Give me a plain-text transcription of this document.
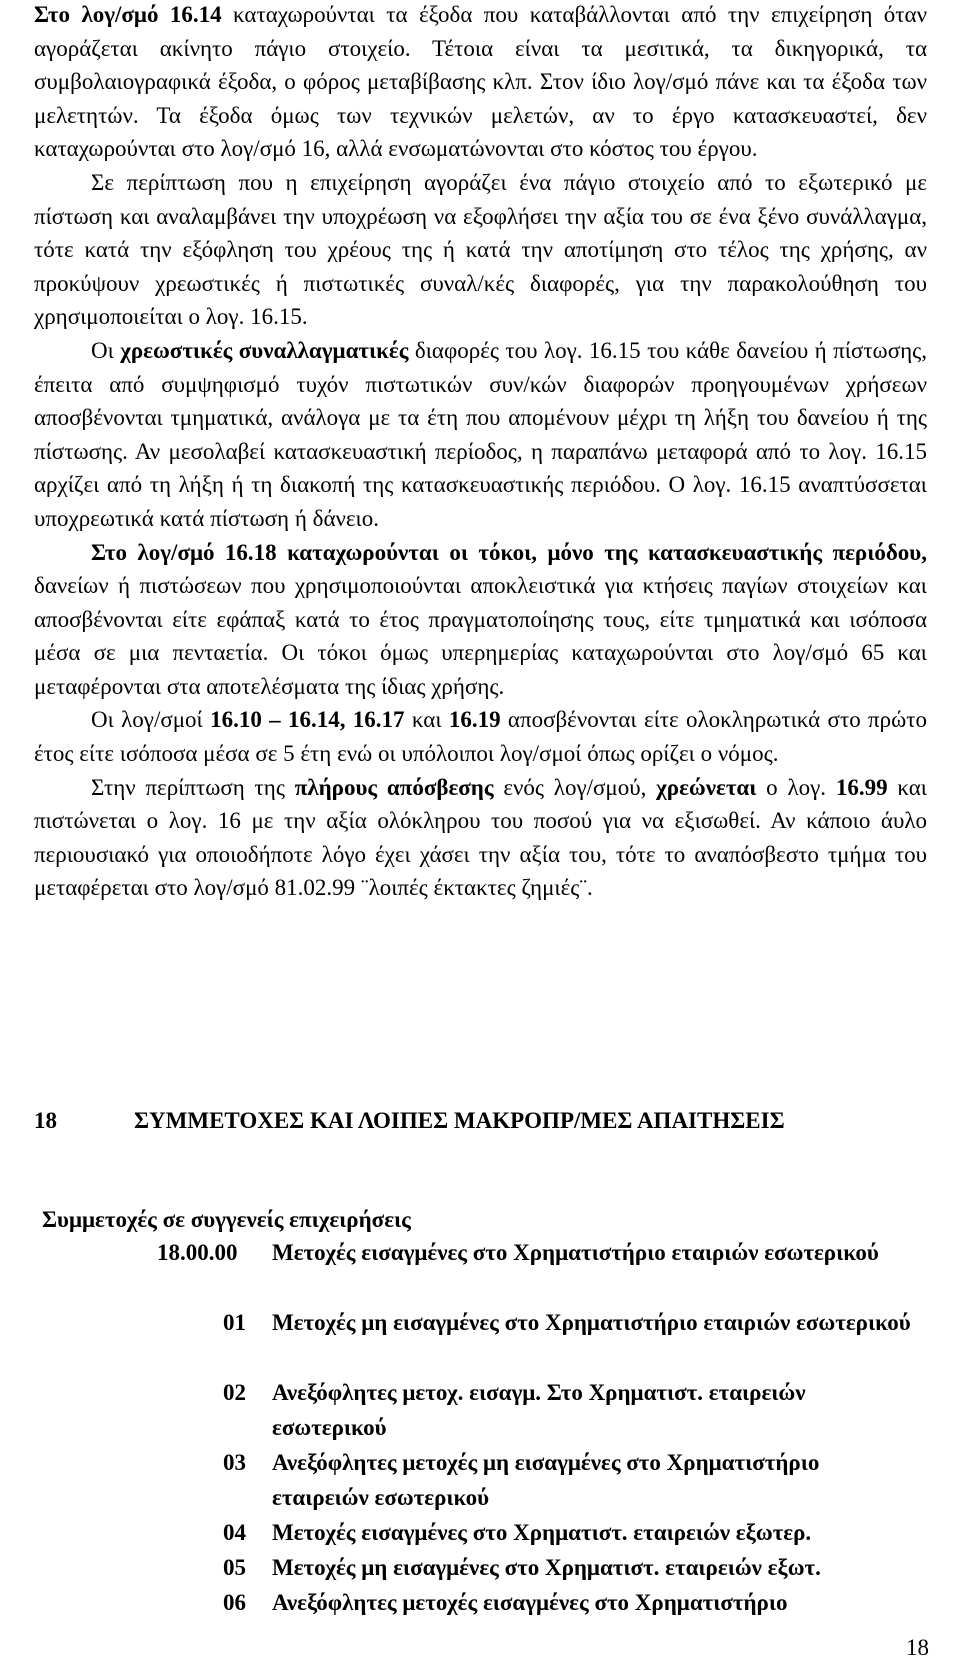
Στο λογ/σμό 16.14 καταχωρούνται τα έξοδα που καταβάλλονται από την επιχείρηση όταν αγοράζεται ακίνητο πάγιο στοιχείο. Τέτοια είναι τα μεσιτικά, τα δικηγορικά, τα συμβολαιογραφικά έξοδα, ο φόρος μεταβίβασης κλπ. Στον ίδιο λογ/σμό πάνε και τα έξοδα των μελετητών. Τα έξοδα όμως των τεχνικών μελετών, αν το έργο κατασκευαστεί, δεν καταχωρούνται στο λογ/σμό 16, αλλά ενσωματώνονται στο κόστος του έργου.

Σε περίπτωση που η επιχείρηση αγοράζει ένα πάγιο στοιχείο από το εξωτερικό με πίστωση και αναλαμβάνει την υποχρέωση να εξοφλήσει την αξία του σε ένα ξένο συνάλλαγμα, τότε κατά την εξόφληση του χρέους της ή κατά την αποτίμηση στο τέλος της χρήσης, αν προκύψουν χρεωστικές ή πιστωτικές συναλ/κές διαφορές, για την παρακολούθηση του χρησιμοποιείται ο λογ. 16.15.

Οι χρεωστικές συναλλαγματικές διαφορές του λογ. 16.15 του κάθε δανείου ή πίστωσης, έπειτα από συμψηφισμό τυχόν πιστωτικών συν/κών διαφορών προηγουμένων χρήσεων αποσβένονται τμηματικά, ανάλογα με τα έτη που απομένουν μέχρι τη λήξη του δανείου ή της πίστωσης. Αν μεσολαβεί κατασκευαστική περίοδος, η παραπάνω μεταφορά από το λογ. 16.15 αρχίζει από τη λήξη ή τη διακοπή της κατασκευαστικής περιόδου. Ο λογ. 16.15 αναπτύσσεται υποχρεωτικά κατά πίστωση ή δάνειο.

Στο λογ/σμό 16.18 καταχωρούνται οι τόκοι, μόνο της κατασκευαστικής περιόδου, δανείων ή πιστώσεων που χρησιμοποιούνται αποκλειστικά για κτήσεις παγίων στοιχείων και αποσβένονται είτε εφάπαξ κατά το έτος πραγματοποίησης τους, είτε τμηματικά και ισόποσα μέσα σε μια πενταετία. Οι τόκοι όμως υπερημερίας καταχωρούνται στο λογ/σμό 65 και μεταφέρονται στα αποτελέσματα της ίδιας χρήσης.

Οι λογ/σμοί 16.10 – 16.14, 16.17 και 16.19 αποσβένονται είτε ολοκληρωτικά στο πρώτο έτος είτε ισόποσα μέσα σε 5 έτη ενώ οι υπόλοιποι λογ/σμοί όπως ορίζει ο νόμος.

Στην περίπτωση της πλήρους απόσβεσης ενός λογ/σμού, χρεώνεται ο λογ. 16.99 και πιστώνεται ο λογ. 16 με την αξία ολόκληρου του ποσού για να εξισωθεί. Αν κάποιο άυλο περιουσιακό για οποιοδήποτε λόγο έχει χάσει την αξία του, τότε το αναπόσβεστο τμήμα του μεταφέρεται στο λογ/σμό 81.02.99 ¨λοιπές έκτακτες ζημιές¨.

18	ΣΥΜΜΕΤΟΧΕΣ ΚΑΙ ΛΟΙΠΕΣ ΜΑΚΡΟΠΡ/ΜΕΣ ΑΠΑΙΤΗΣΕΙΣ
Συμμετοχές σε συγγενείς επιχειρήσεις
18.00.00 Μετοχές εισαγμένες στο Χρηματιστήριο εταιριών εσωτερικού
01 Μετοχές μη εισαγμένες στο Χρηματιστήριο εταιριών εσωτερικού
02 Ανεξόφλητες μετοχ. εισαγμ. Στο Χρηματιστ. εταιρειών εσωτερικού
03 Ανεξόφλητες μετοχές μη εισαγμένες στο Χρηματιστήριο εταιρειών εσωτερικού
04 Μετοχές εισαγμένες στο Χρηματιστ. εταιρειών εξωτερ.
05 Μετοχές μη εισαγμένες στο Χρηματιστ. εταιρειών εξωτ.
06 Ανεξόφλητες μετοχές εισαγμένες στο Χρηματιστήριο
18
